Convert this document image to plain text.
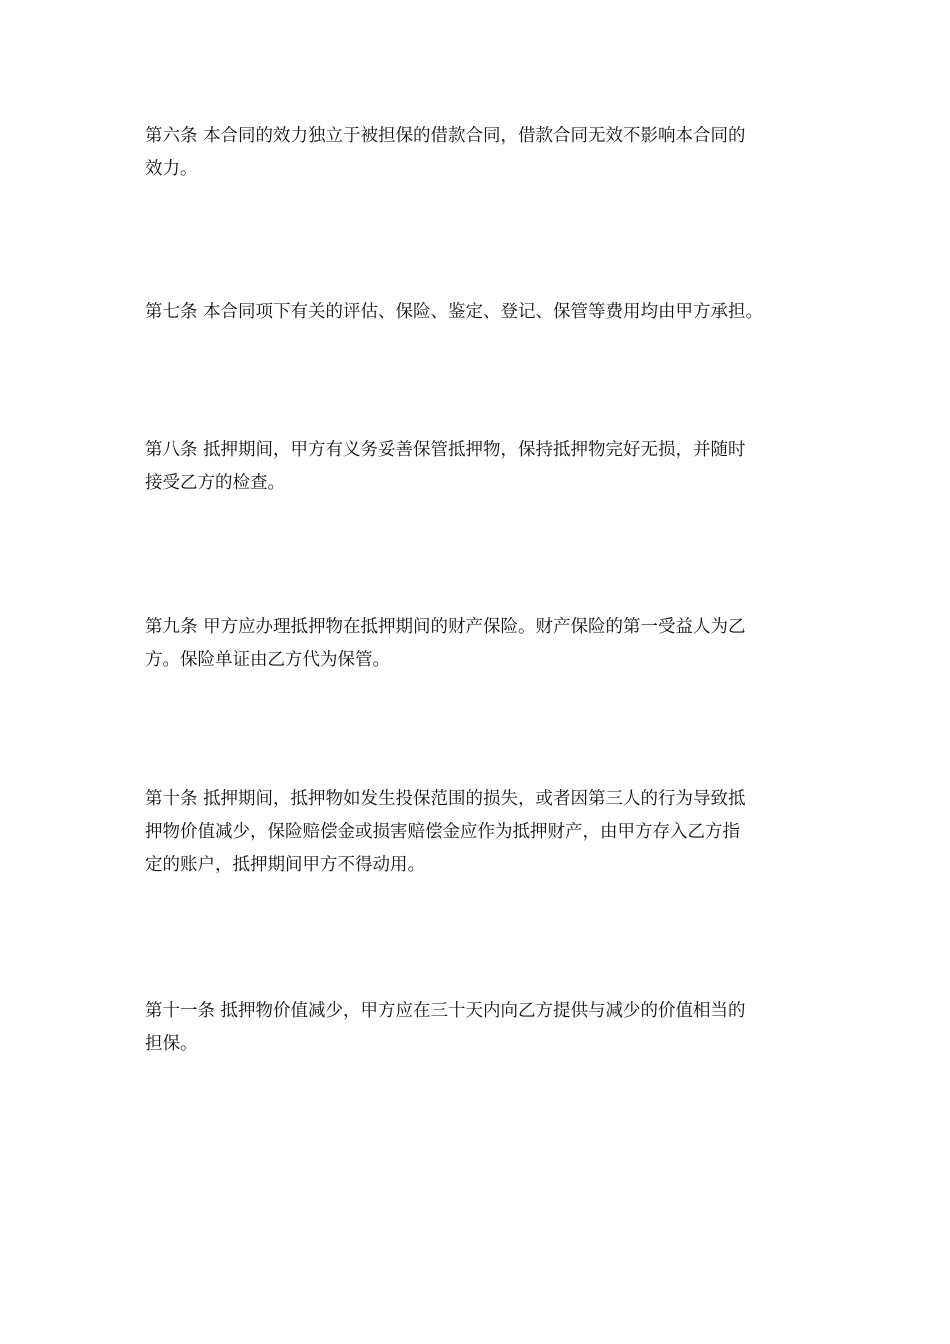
第六条 本合同的效力独立于被担保的借款合同，借款合同无效不影响本合同的
效力。

第七条 本合同项下有关的评估、保险、鉴定、登记、保管等费用均由甲方承担。

第八条 抵押期间，甲方有义务妥善保管抵押物，保持抵押物完好无损，并随时
接受乙方的检查。

第九条 甲方应办理抵押物在抵押期间的财产保险。财产保险的第一受益人为乙
方。保险单证由乙方代为保管。

第十条 抵押期间，抵押物如发生投保范围的损失，或者因第三人的行为导致抵
押物价值减少，保险赔偿金或损害赔偿金应作为抵押财产，由甲方存入乙方指
定的账户，抵押期间甲方不得动用。

第十一条 抵押物价值减少，甲方应在三十天内向乙方提供与减少的价值相当的
担保。
